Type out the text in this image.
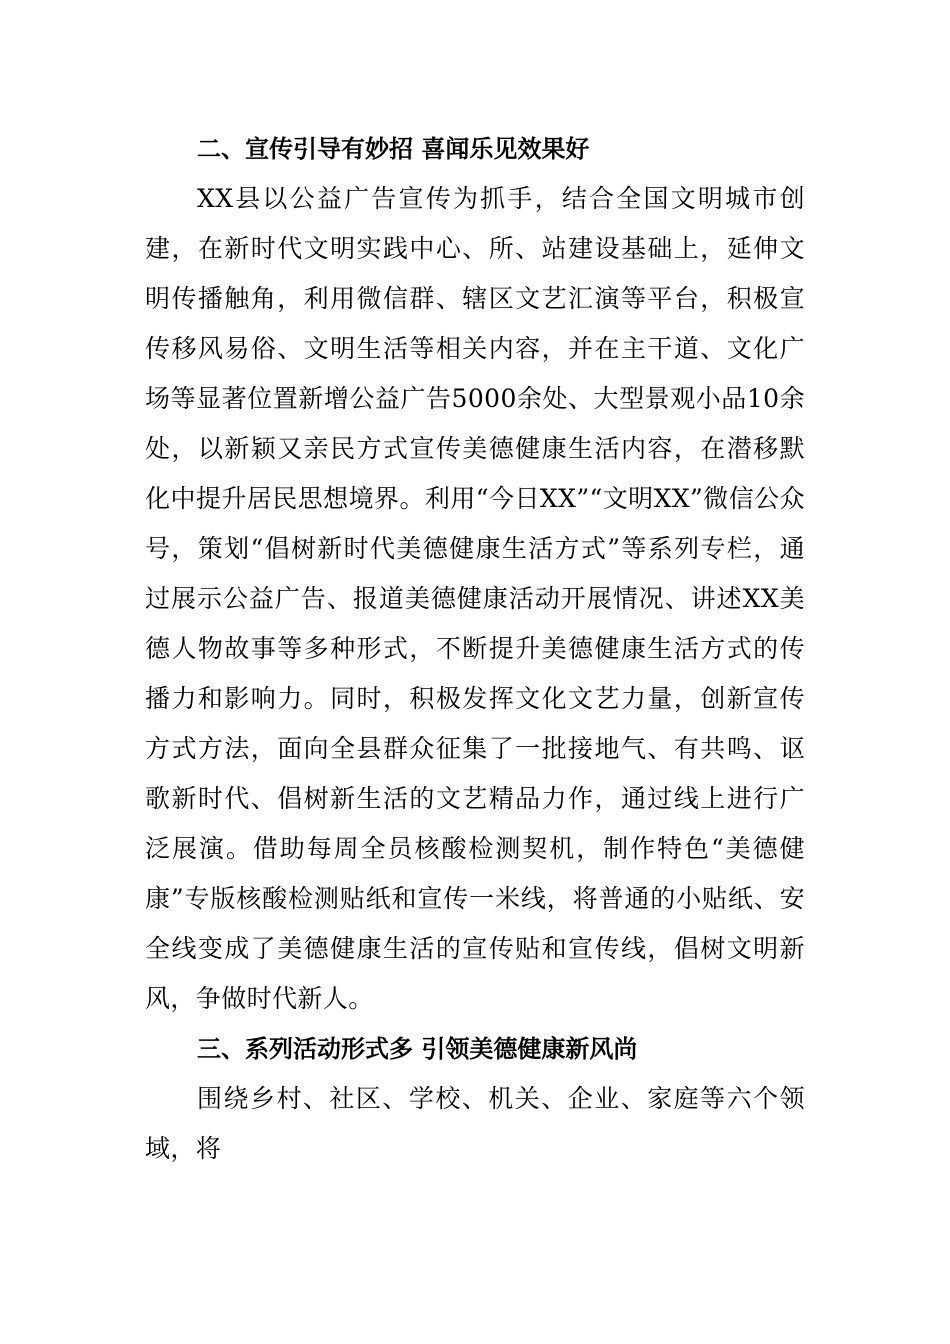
二、宣传引导有妙招 喜闻乐见效果好

XX县以公益广告宣传为抓手，结合全国文明城市创建，在新时代文明实践中心、所、站建设基础上，延伸文明传播触角，利用微信群、辖区文艺汇演等平台，积极宣传移风易俗、文明生活等相关内容，并在主干道、文化广场等显著位置新增公益广告5000余处、大型景观小品10余处，以新颖又亲民方式宣传美德健康生活内容，在潜移默化中提升居民思想境界。利用“今日XX”“文明XX”微信公众号，策划“倡树新时代美德健康生活方式”等系列专栏，通过展示公益广告、报道美德健康活动开展情况、讲述XX美德人物故事等多种形式，不断提升美德健康生活方式的传播力和影响力。同时，积极发挥文化文艺力量，创新宣传方式方法，面向全县群众征集了一批接地气、有共鸣、讴歌新时代、倡树新生活的文艺精品力作，通过线上进行广泛展演。借助每周全员核酸检测契机，制作特色“美德健康”专版核酸检测贴纸和宣传一米线，将普通的小贴纸、安全线变成了美德健康生活的宣传贴和宣传线，倡树文明新风，争做时代新人。

三、系列活动形式多 引领美德健康新风尚

围绕乡村、社区、学校、机关、企业、家庭等六个领域，将
